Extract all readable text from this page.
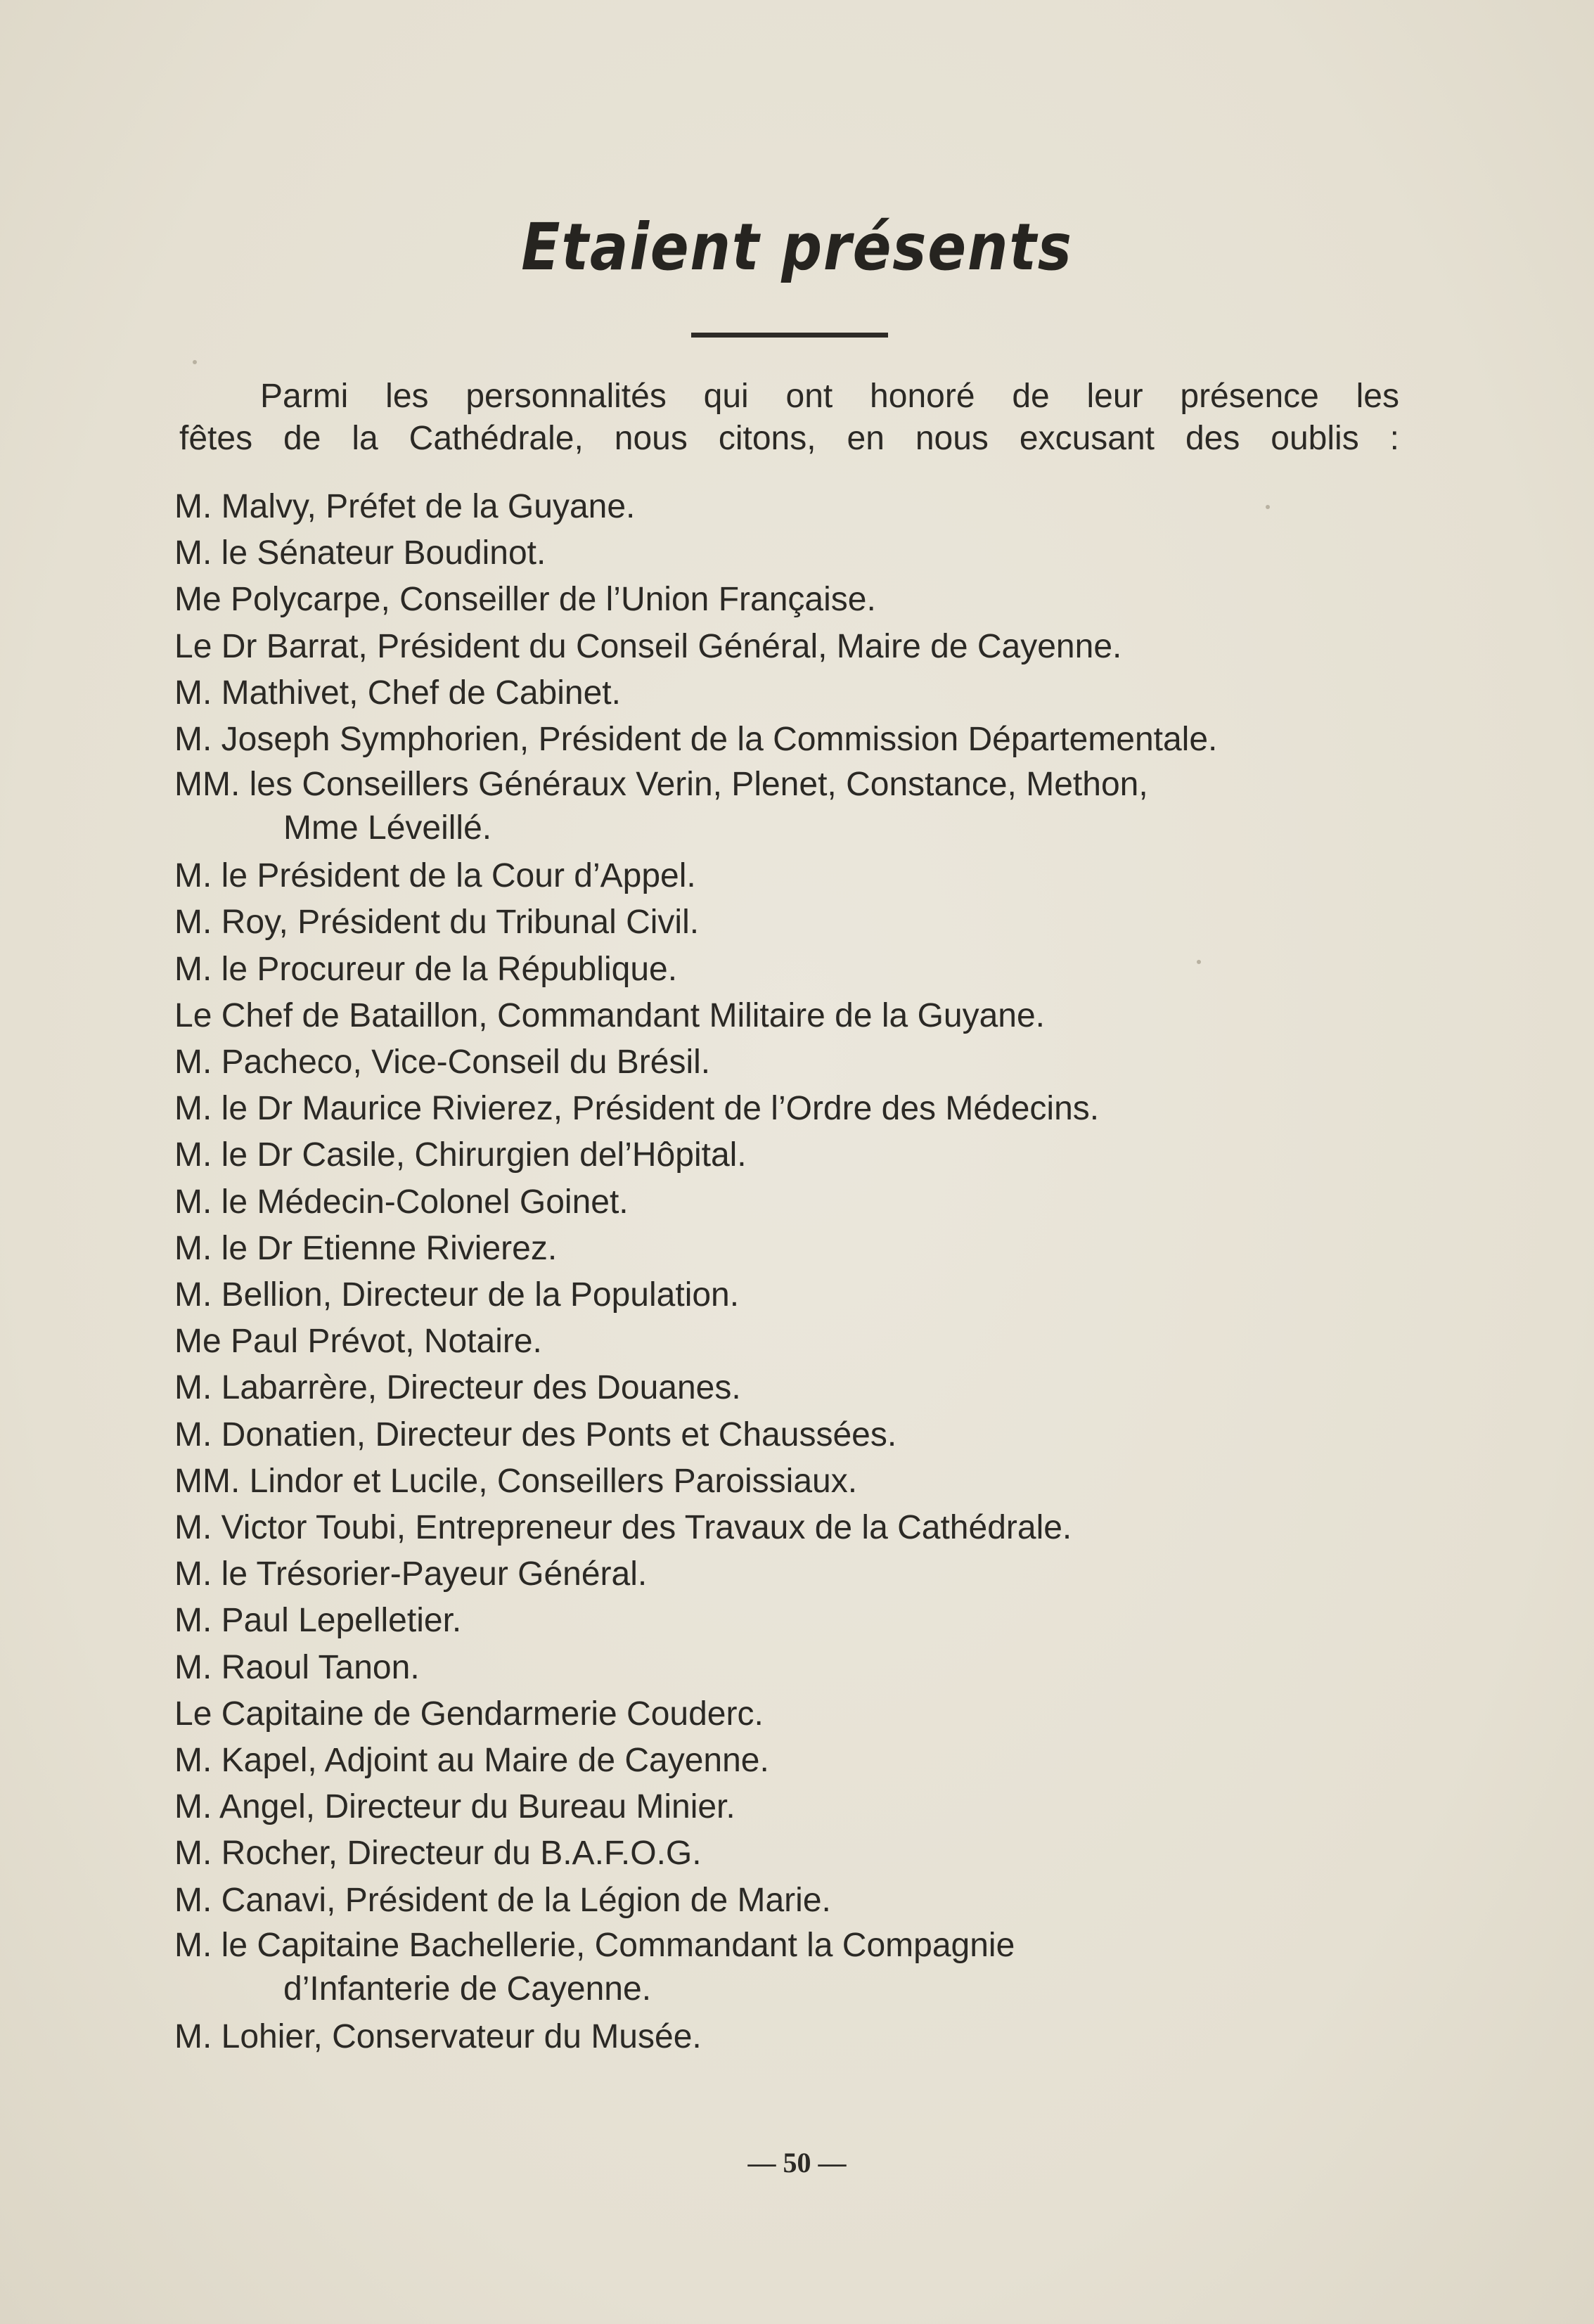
Etaient présents
Parmi les personnalités qui ont honoré de leur présence les
fêtes de la Cathédrale, nous citons, en nous excusant des oublis :
M. Malvy, Préfet de la Guyane.
M. le Sénateur Boudinot.
Me Polycarpe, Conseiller de l’Union Française.
Le Dr Barrat, Président du Conseil Général, Maire de Cayenne.
M. Mathivet, Chef de Cabinet.
M. Joseph Symphorien, Président de la Commission Départementale.
MM. les Conseillers Généraux Verin, Plenet, Constance, Methon,
Mme Léveillé.
M. le Président de la Cour d’Appel.
M. Roy, Président du Tribunal Civil.
M. le Procureur de la République.
Le Chef de Bataillon, Commandant Militaire de la Guyane.
M. Pacheco, Vice-Conseil du Brésil.
M. le Dr Maurice Rivierez, Président de l’Ordre des Médecins.
M. le Dr Casile, Chirurgien del’Hôpital.
M. le Médecin-Colonel Goinet.
M. le Dr Etienne Rivierez.
M. Bellion, Directeur de la Population.
Me Paul Prévot, Notaire.
M. Labarrère, Directeur des Douanes.
M. Donatien, Directeur des Ponts et Chaussées.
MM. Lindor et Lucile, Conseillers Paroissiaux.
M. Victor Toubi, Entrepreneur des Travaux de la Cathédrale.
M. le Trésorier-Payeur Général.
M. Paul Lepelletier.
M. Raoul Tanon.
Le Capitaine de Gendarmerie Couderc.
M. Kapel, Adjoint au Maire de Cayenne.
M. Angel, Directeur du Bureau Minier.
M. Rocher, Directeur du B.A.F.O.G.
M. Canavi, Président de la Légion de Marie.
M. le Capitaine Bachellerie, Commandant la Compagnie
d’Infanterie de Cayenne.
M. Lohier, Conservateur du Musée.
— 50 —
